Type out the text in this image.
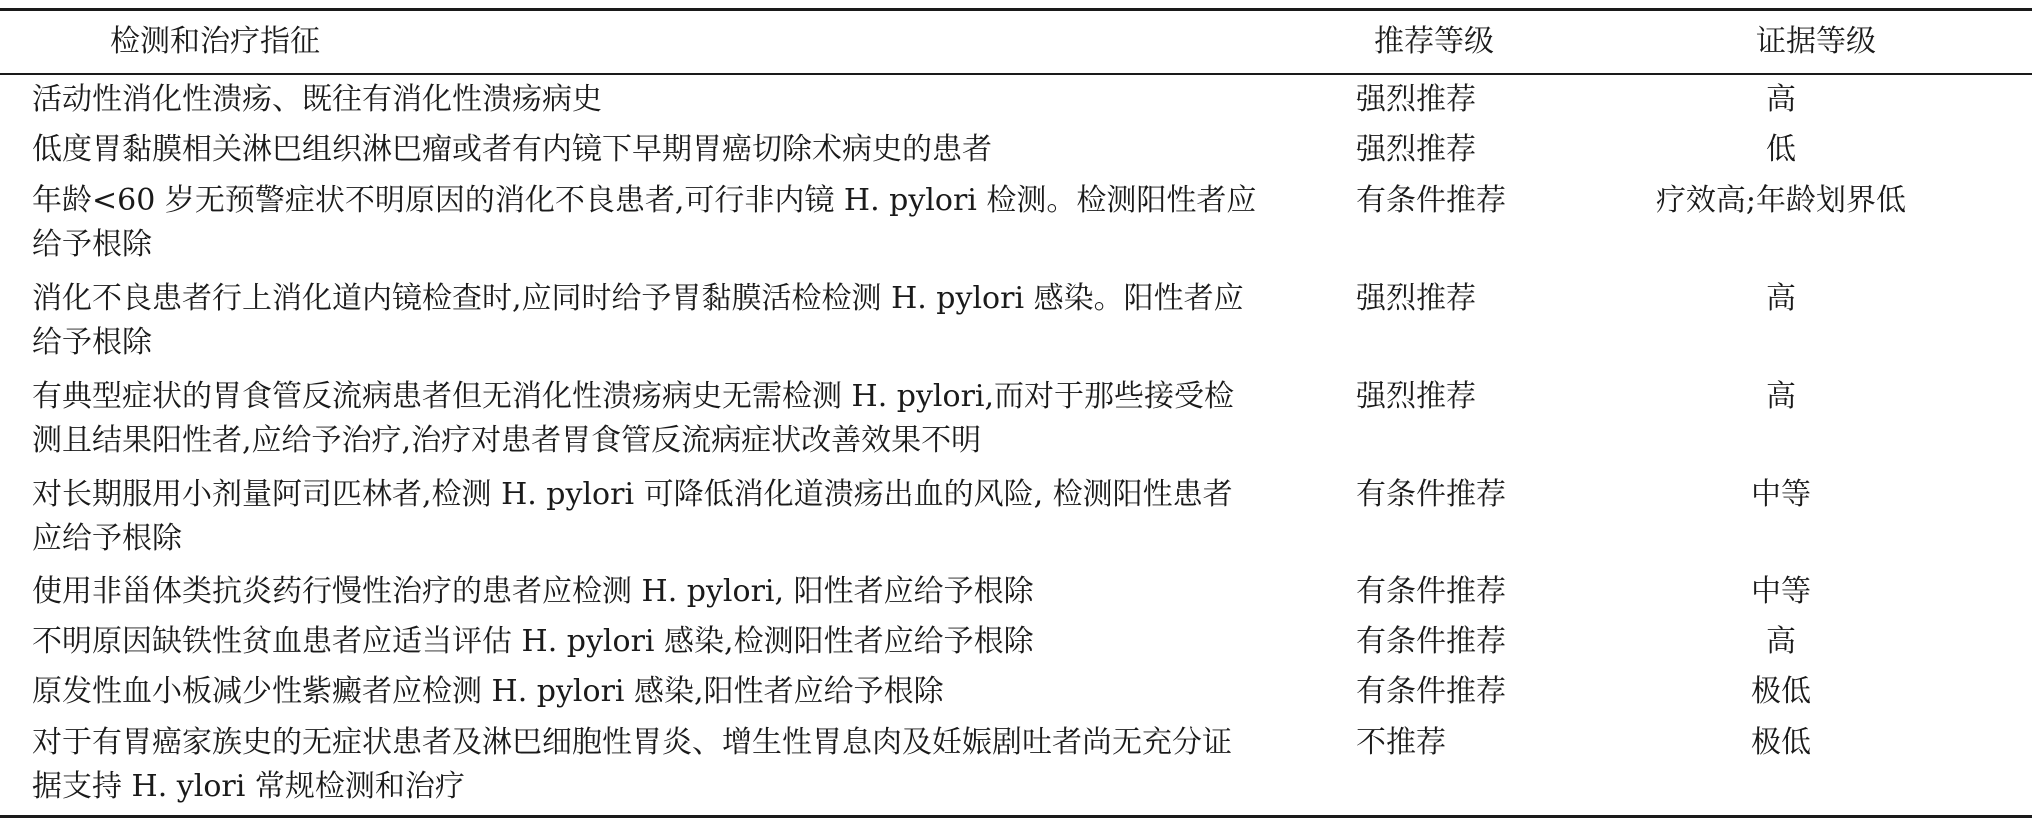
检测和治疗指征	推荐等级	证据等级
活动性消化性溃疡、既往有消化性溃疡病史	强烈推荐	高
低度胃黏膜相关淋巴组织淋巴瘤或者有内镜下早期胃癌切除术病史的患者	强烈推荐	低
年龄<60 岁无预警症状不明原因的消化不良患者,可行非内镜 H. pylori 检测。检测阳性者应给予根除	有条件推荐	疗效高;年龄划界低
消化不良患者行上消化道内镜检查时,应同时给予胃黏膜活检检测 H. pylori 感染。阳性者应给予根除	强烈推荐	高
有典型症状的胃食管反流病患者但无消化性溃疡病史无需检测 H. pylori,而对于那些接受检测且结果阳性者,应给予治疗,治疗对患者胃食管反流病症状改善效果不明	强烈推荐	高
对长期服用小剂量阿司匹林者,检测 H. pylori 可降低消化道溃疡出血的风险, 检测阳性患者应给予根除	有条件推荐	中等
使用非甾体类抗炎药行慢性治疗的患者应检测 H. pylori, 阳性者应给予根除	有条件推荐	中等
不明原因缺铁性贫血患者应适当评估 H. pylori 感染,检测阳性者应给予根除	有条件推荐	高
原发性血小板减少性紫癜者应检测 H. pylori 感染,阳性者应给予根除	有条件推荐	极低
对于有胃癌家族史的无症状患者及淋巴细胞性胃炎、增生性胃息肉及妊娠剧吐者尚无充分证据支持 H. ylori 常规检测和治疗	不推荐	极低
